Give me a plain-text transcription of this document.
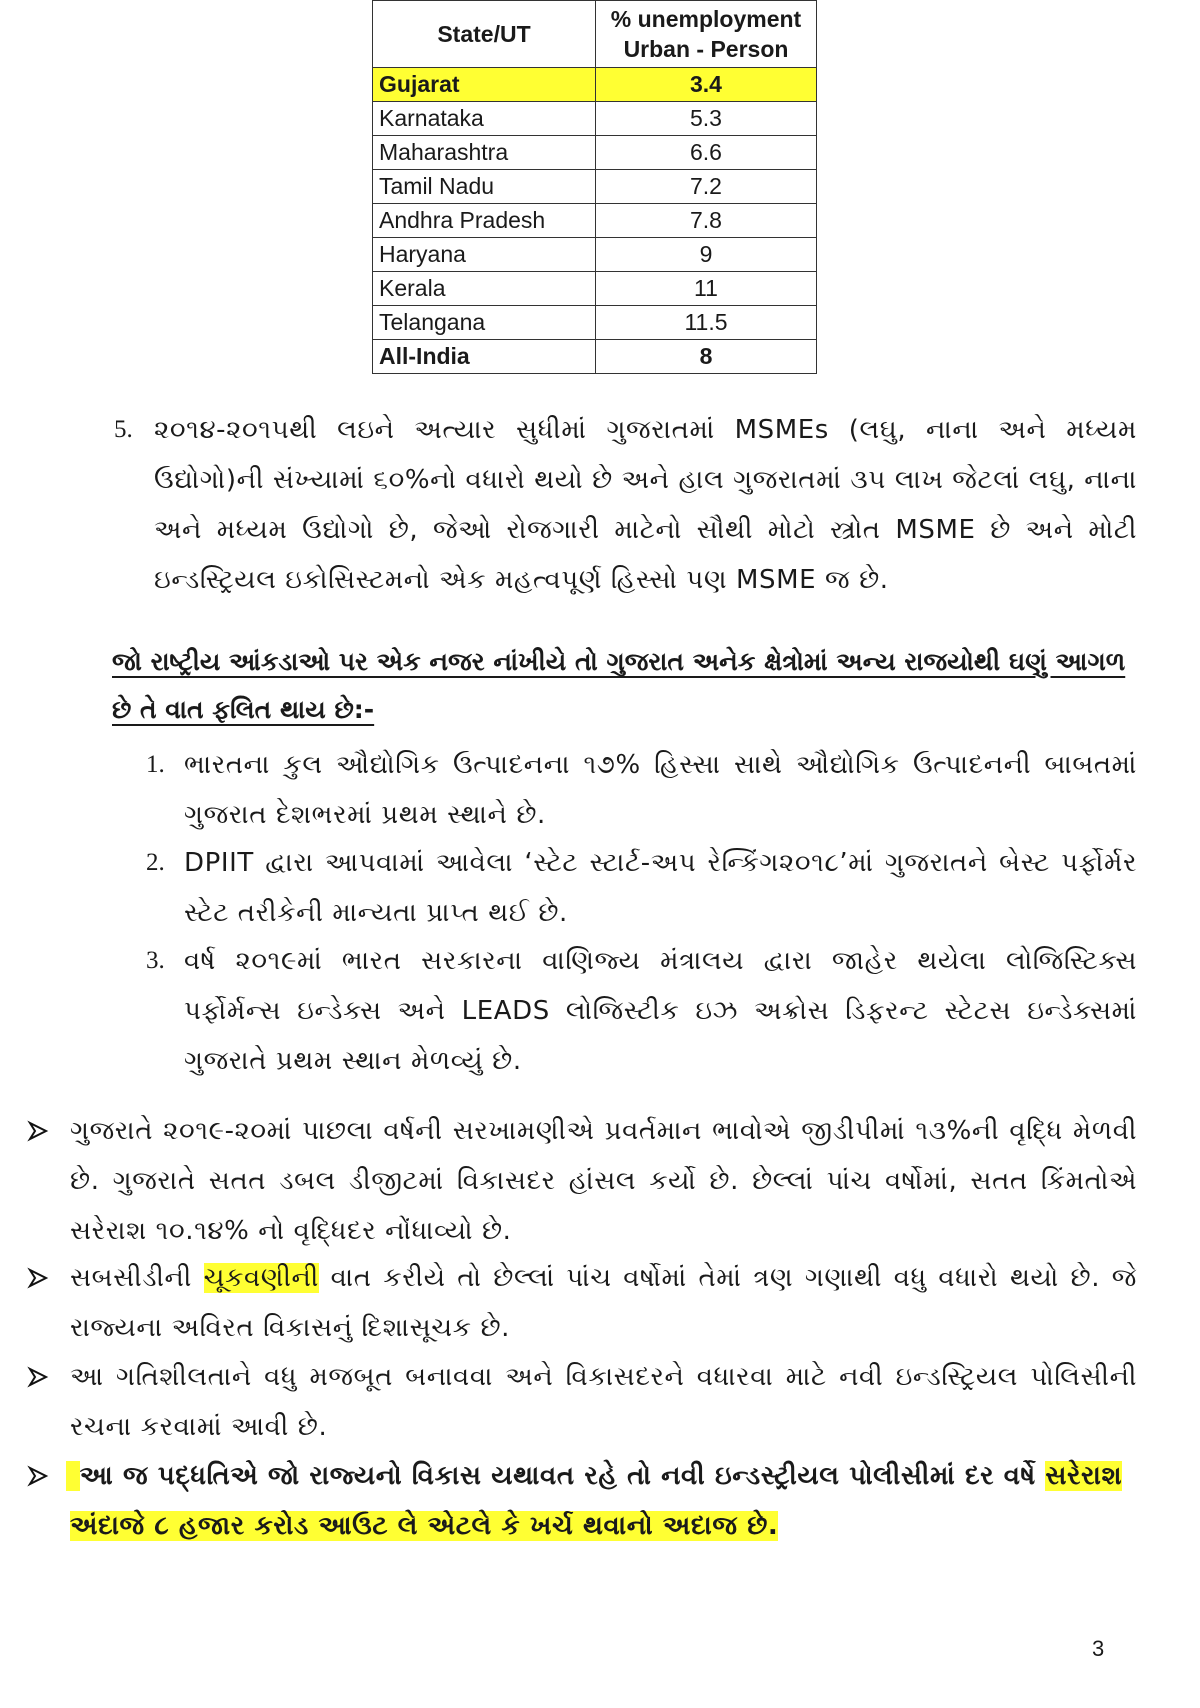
State/UT	% unemployment
Urban - Person

Gujarat	3.4
Karnataka	5.3
Maharashtra	6.6
Tamil Nadu	7.2
Andhra Pradesh	7.8
Haryana	9
Kerala	11
Telangana	11.5
All-India	8
5. ૨૦૧૪-૨૦૧૫થી લઇને અત્યાર સુધીમાં ગુજરાતમાં MSMEs (લઘુ, નાના અને મધ્યમ ઉદ્યોગો)ની સંખ્યામાં ૬૦%નો વધારો થયો છે અને હાલ ગુજરાતમાં ૩૫ લાખ જેટલાં લઘુ, નાના અને મધ્યમ ઉદ્યોગો છે, જેઓ રોજગારી માટેનો સૌથી મોટો સ્ત્રોત MSME છે અને મોટી ઇન્ડસ્ટ્રિયલ ઇકોસિસ્ટમનો એક મહત્વપૂર્ણ હિસ્સો પણ MSME જ છે.
જો રાષ્ટ્રીય આંકડાઓ પર એક નજર નાંખીયે તો ગુજરાત અનેક ક્ષેત્રોમાં અન્ય રાજયોથી ઘણું આગળ છે તે વાત ફલિત થાય છે:-
1. ભારતના કુલ ઔદ્યોગિક ઉત્પાદનના ૧૭% હિસ્સા સાથે ઔદ્યોગિક ઉત્પાદનની બાબતમાં ગુજરાત દેશભરમાં પ્રથમ સ્થાને છે.
2. DPIIT દ્વારા આપવામાં આવેલા ‘સ્ટેટ સ્ટાર્ટ-અપ રેન્કિંગ૨૦૧૮’માં ગુજરાતને બેસ્ટ પર્ફોર્મર સ્ટેટ તરીકેની માન્યતા પ્રાપ્ત થઈ છે.
3. વર્ષ ૨૦૧૯માં ભારત સરકારના વાણિજ્ય મંત્રાલય દ્વારા જાહેર થયેલા લોજિસ્ટિક્સ પર્ફોર્મન્સ ઇન્ડેક્સ અને LEADS લોજિસ્ટીક ઇઝ અક્રોસ ડિફરન્ટ સ્ટેટસ ઇન્ડેક્સમાં ગુજરાતે પ્રથમ સ્થાન મેળવ્યું છે.
ગુજરાતે ૨૦૧૯-૨૦માં પાછલા વર્ષની સરખામણીએ પ્રવર્તમાન ભાવોએ જીડીપીમાં ૧૩%ની વૃદ્ધિ મેળવી છે. ગુજરાતે સતત ડબલ ડીજીટમાં વિકાસદર હાંસલ કર્યો છે. છેલ્લાં પાંચ વર્ષોમાં, સતત કિંમતોએ સરેરાશ ૧૦.૧૪% નો વૃદ્ધિદર નોંધાવ્યો છે.
સબસીડીની ચૂકવણીની વાત કરીયે તો છેલ્લાં પાંચ વર્ષોમાં તેમાં ત્રણ ગણાથી વધુ વધારો થયો છે. જે રાજ્યના અવિરત વિકાસનું દિશાસૂચક છે.
આ ગતિશીલતાને વધુ મજબૂત બનાવવા અને વિકાસદરને વધારવા માટે નવી ઇન્ડસ્ટ્રિયલ પોલિસીની રચના કરવામાં આવી છે.
આ જ પદ્ધતિએ જો રાજ્યનો વિકાસ યથાવત રહે તો નવી ઇન્ડસ્ટ્રીયલ પોલીસીમાં દર વર્ષે સરેરાશ
અંદાજે ૮ હજાર કરોડ આઉટ લે એટલે કે ખર્ચ થવાનો અદાજ છે.
3
